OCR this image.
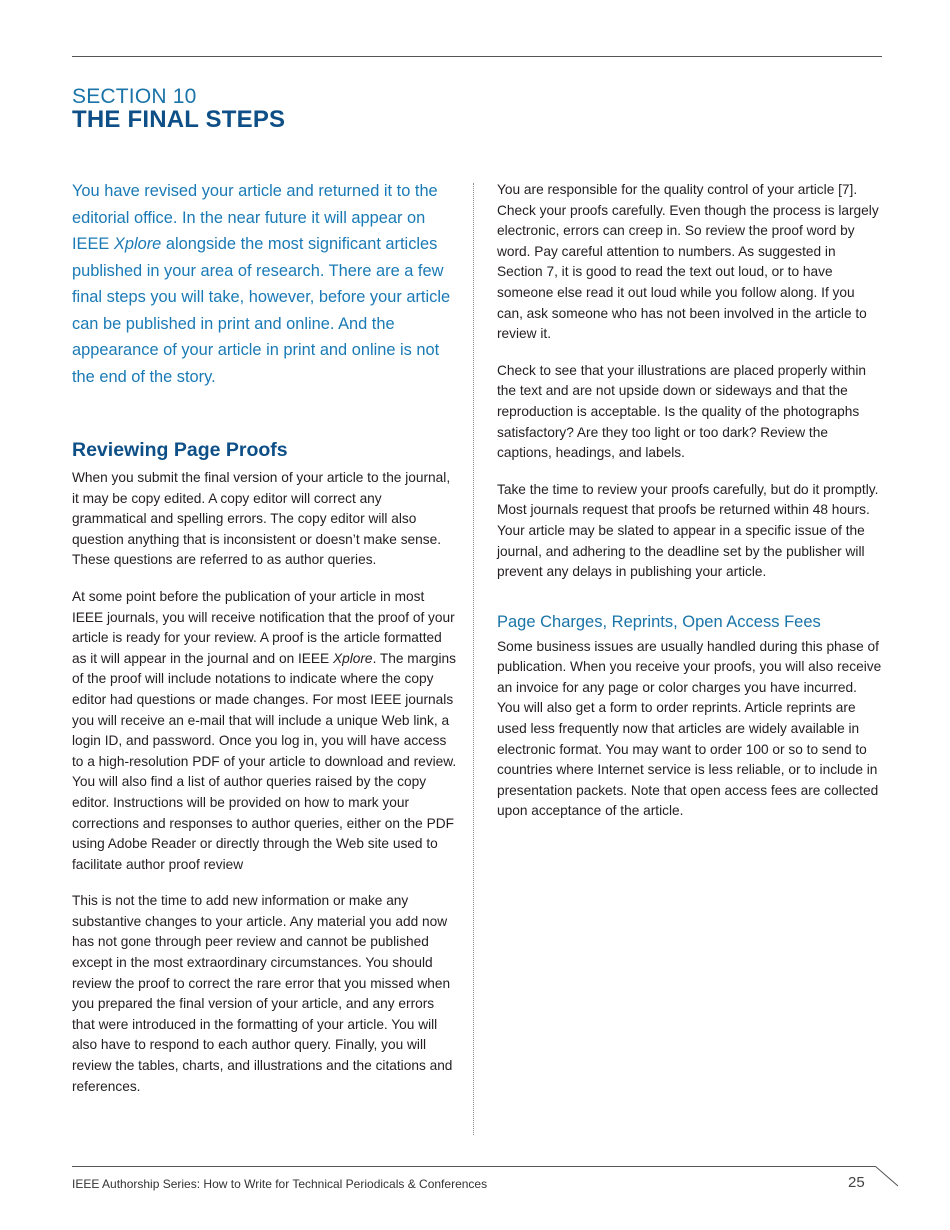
SECTION 10
THE FINAL STEPS

You have revised your article and returned it to the editorial office. In the near future it will appear on IEEE Xplore alongside the most significant articles published in your area of research. There are a few final steps you will take, however, before your article can be published in print and online. And the appearance of your article in print and online is not the end of the story.

Reviewing Page Proofs

When you submit the final version of your article to the journal, it may be copy edited. A copy editor will correct any grammatical and spelling errors. The copy editor will also question anything that is inconsistent or doesn’t make sense. These questions are referred to as author queries.

At some point before the publication of your article in most IEEE journals, you will receive notification that the proof of your article is ready for your review. A proof is the article formatted as it will appear in the journal and on IEEE Xplore. The margins of the proof will include notations to indicate where the copy editor had questions or made changes. For most IEEE journals you will receive an e-mail that will include a unique Web link, a login ID, and password. Once you log in, you will have access to a high-resolution PDF of your article to download and review. You will also find a list of author queries raised by the copy editor. Instructions will be provided on how to mark your corrections and responses to author queries, either on the PDF using Adobe Reader or directly through the Web site used to facilitate author proof review

This is not the time to add new information or make any substantive changes to your article. Any material you add now has not gone through peer review and cannot be published except in the most extraordinary circumstances. You should review the proof to correct the rare error that you missed when you prepared the final version of your article, and any errors that were introduced in the formatting of your article. You will also have to respond to each author query. Finally, you will review the tables, charts, and illustrations and the citations and references.

You are responsible for the quality control of your article [7]. Check your proofs carefully. Even though the process is largely electronic, errors can creep in. So review the proof word by word. Pay careful attention to numbers. As suggested in Section 7, it is good to read the text out loud, or to have someone else read it out loud while you follow along. If you can, ask someone who has not been involved in the article to review it.

Check to see that your illustrations are placed properly within the text and are not upside down or sideways and that the reproduction is acceptable. Is the quality of the photographs satisfactory? Are they too light or too dark? Review the captions, headings, and labels.

Take the time to review your proofs carefully, but do it promptly. Most journals request that proofs be returned within 48 hours. Your article may be slated to appear in a specific issue of the journal, and adhering to the deadline set by the publisher will prevent any delays in publishing your article.

Page Charges, Reprints, Open Access Fees

Some business issues are usually handled during this phase of publication. When you receive your proofs, you will also receive an invoice for any page or color charges you have incurred. You will also get a form to order reprints. Article reprints are used less frequently now that articles are widely available in electronic format. You may want to order 100 or so to send to countries where Internet service is less reliable, or to include in presentation packets. Note that open access fees are collected upon acceptance of the article.

IEEE Authorship Series: How to Write for Technical Periodicals & Conferences	25
